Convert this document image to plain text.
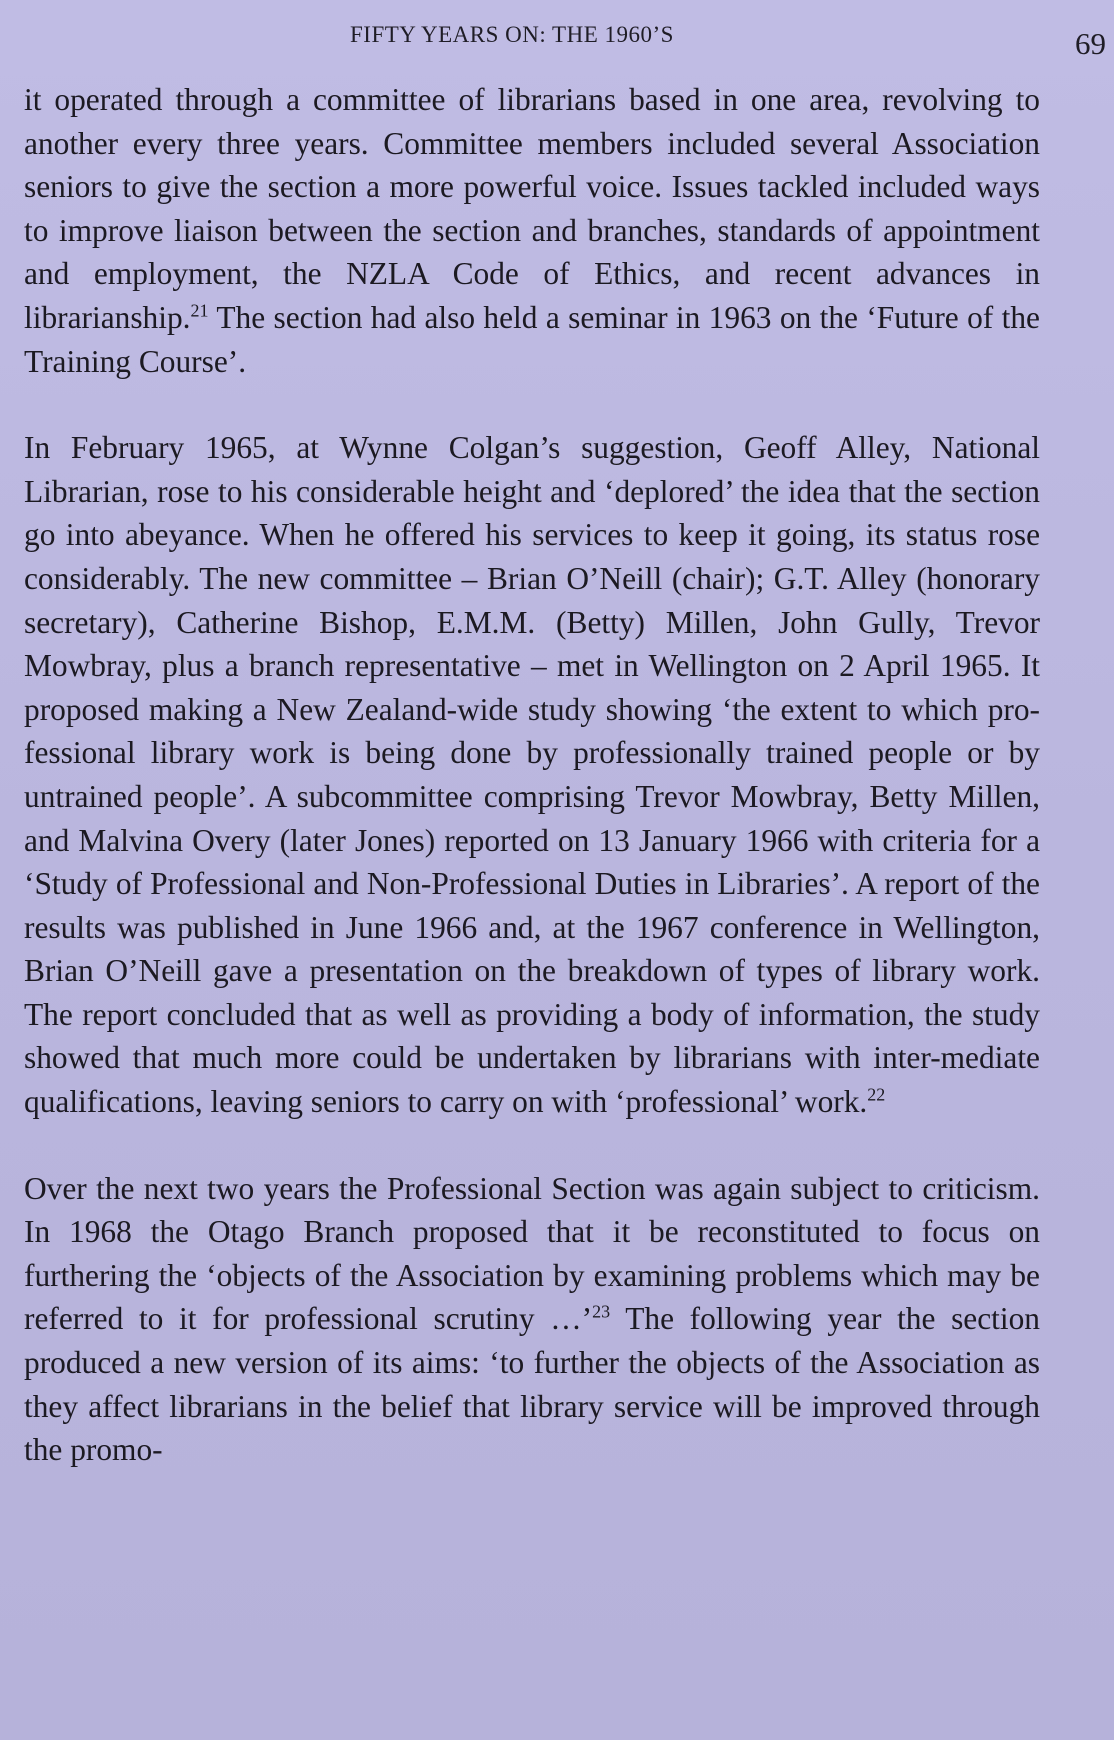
FIFTY YEARS ON: THE 1960’S	69

it operated through a committee of librarians based in one area, revolving to another every three years. Committee members included several Association seniors to give the section a more powerful voice. Issues tackled included ways to improve liaison between the section and branches, standards of appointment and employment, the NZLA Code of Ethics, and recent advances in librarianship.$^{21}$ The section had also held a seminar in 1963 on the ‘Future of the Training Course’.

In February 1965, at Wynne Colgan’s suggestion, Geoff Alley, National Librarian, rose to his considerable height and ‘deplored’ the idea that the section go into abeyance. When he offered his services to keep it going, its status rose considerably. The new committee – Brian O’Neill (chair); G.T. Alley (honorary secretary), Catherine Bishop, E.M.M. (Betty) Millen, John Gully, Trevor Mowbray, plus a branch representative – met in Wellington on 2 April 1965. It proposed making a New Zealand-wide study showing ‘the extent to which pro-fessional library work is being done by professionally trained people or by untrained people’. A subcommittee comprising Trevor Mowbray, Betty Millen, and Malvina Overy (later Jones) reported on 13 January 1966 with criteria for a ‘Study of Professional and Non-Professional Duties in Libraries’. A report of the results was published in June 1966 and, at the 1967 conference in Wellington, Brian O’Neill gave a presentation on the breakdown of types of library work. The report concluded that as well as providing a body of information, the study showed that much more could be undertaken by librarians with inter-mediate qualifications, leaving seniors to carry on with ‘professional’ work.$^{22}$

Over the next two years the Professional Section was again subject to criticism. In 1968 the Otago Branch proposed that it be reconstituted to focus on furthering the ‘objects of the Association by examining problems which may be referred to it for professional scrutiny …’$^{23}$ The following year the section produced a new version of its aims: ‘to further the objects of the Association as they affect librarians in the belief that library service will be improved through the promo-
